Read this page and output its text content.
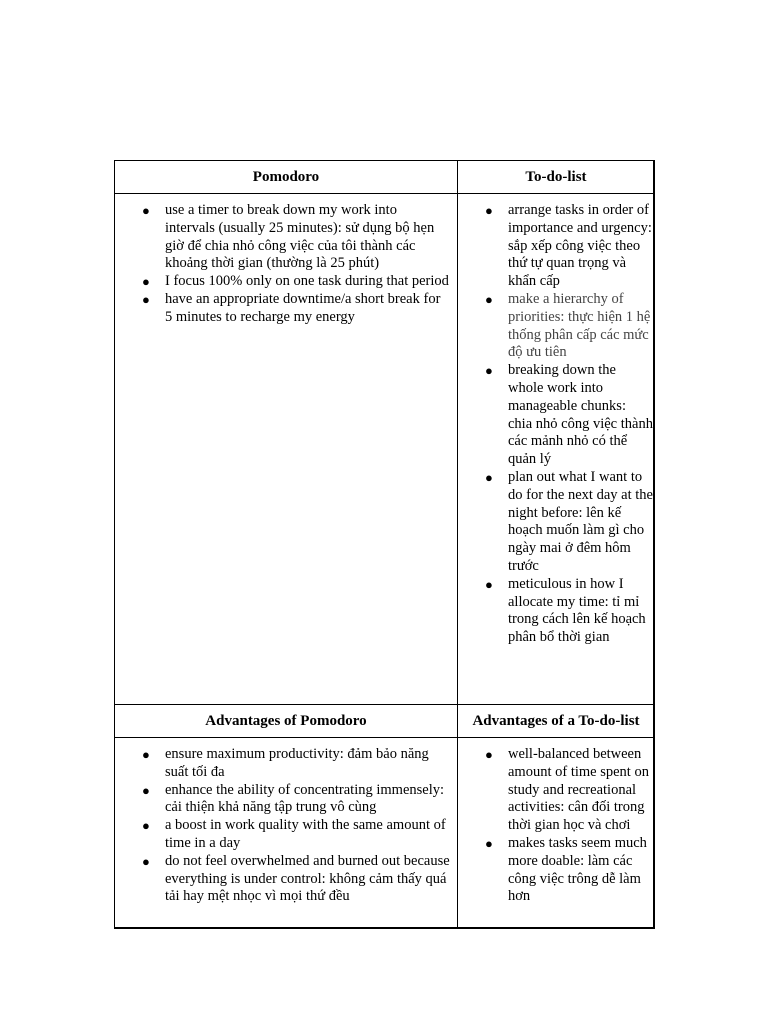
Pomodoro	To-do-list
● use a timer to break down my work into intervals (usually 25 minutes): sử dụng bộ hẹn giờ để chia nhỏ công việc của tôi thành các khoảng thời gian (thường là 25 phút)
● I focus 100% only on one task during that period
● have an appropriate downtime/a short break for 5 minutes to recharge my energy
● arrange tasks in order of importance and urgency: sắp xếp công việc theo thứ tự quan trọng và khẩn cấp
● make a hierarchy of priorities: thực hiện 1 hệ thống phân cấp các mức độ ưu tiên
● breaking down the whole work into manageable chunks: chia nhỏ công việc thành các mảnh nhỏ có thể quản lý
● plan out what I want to do for the next day at the night before: lên kế hoạch muốn làm gì cho ngày mai ở đêm hôm trước
● meticulous in how I allocate my time: tỉ mỉ trong cách lên kế hoạch phân bổ thời gian
Advantages of Pomodoro	Advantages of a To-do-list
● ensure maximum productivity: đảm bảo năng suất tối đa
● enhance the ability of concentrating immensely: cải thiện khả năng tập trung vô cùng
● a boost in work quality with the same amount of time in a day
● do not feel overwhelmed and burned out because everything is under control: không cảm thấy quá tải hay mệt nhọc vì mọi thứ đều
● well-balanced between amount of time spent on study and recreational activities: cân đối trong thời gian học và chơi
● makes tasks seem much more doable: làm các công việc trông dễ làm hơn
